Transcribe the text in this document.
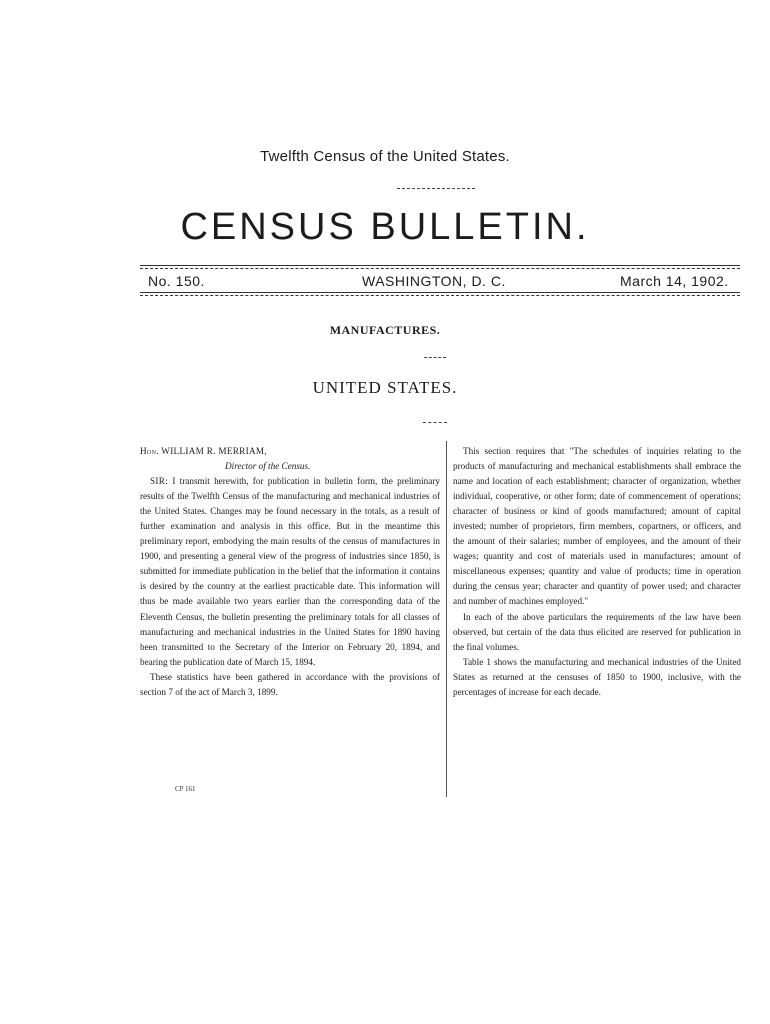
Twelfth Census of the United States.
CENSUS BULLETIN.
No. 150.	WASHINGTON, D. C.	March 14, 1902.
MANUFACTURES.
UNITED STATES.

Hon. WILLIAM R. MERRIAM,

Director of the Census.

SIR: I transmit herewith, for publication in bulletin form, the preliminary results of the Twelfth Census of the manufacturing and mechanical industries of the United States. Changes may be found necessary in the totals, as a result of further examination and analysis in this office. But in the meantime this preliminary report, embodying the main results of the census of manufactures in 1900, and presenting a general view of the progress of industries since 1850, is submitted for immediate publication in the belief that the information it contains is desired by the country at the earliest practicable date. This information will thus be made available two years earlier than the corresponding data of the Eleventh Census, the bulletin presenting the preliminary totals for all classes of manufacturing and mechanical industries in the United States for 1890 having been transmitted to the Secretary of the Interior on February 20, 1894, and bearing the publication date of March 15, 1894.

These statistics have been gathered in accordance with the provisions of section 7 of the act of March 3, 1899.

This section requires that "The schedules of inquiries relating to the products of manufacturing and mechanical establishments shall embrace the name and location of each establishment; character of organization, whether individual, cooperative, or other form; date of commencement of operations; character of business or kind of goods manufactured; amount of capital invested; number of proprietors, firm members, copartners, or officers, and the amount of their salaries; number of employees, and the amount of their wages; quantity and cost of materials used in manufactures; amount of miscellaneous expenses; quantity and value of products; time in operation during the census year; character and quantity of power used; and character and number of machines employed."

In each of the above particulars the requirements of the law have been observed, but certain of the data thus elicited are reserved for publication in the final volumes.

Table 1 shows the manufacturing and mechanical industries of the United States as returned at the censuses of 1850 to 1900, inclusive, with the percentages of increase for each decade.

CP 161
